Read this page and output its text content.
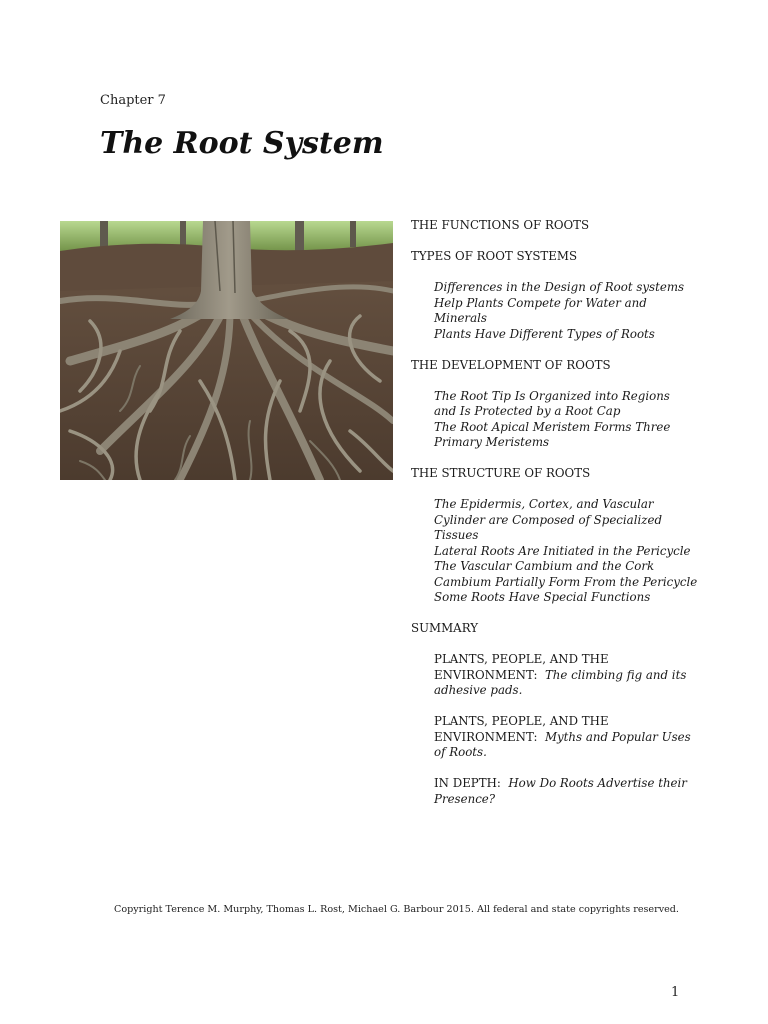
Chapter 7
The Root System
THE FUNCTIONS OF ROOTS
TYPES OF ROOT SYSTEMS
Differences in the Design of Root systems
Help Plants Compete for Water and
Minerals
Plants Have Different Types of Roots
THE DEVELOPMENT OF ROOTS
The Root Tip Is Organized into Regions
and Is Protected by a Root Cap
The Root Apical Meristem Forms Three
Primary Meristems
THE STRUCTURE OF ROOTS
The Epidermis, Cortex, and Vascular
Cylinder are Composed of Specialized
Tissues
Lateral Roots Are Initiated in the Pericycle
The Vascular Cambium and the Cork
Cambium Partially Form From the Pericycle
Some Roots Have Special Functions
SUMMARY
PLANTS, PEOPLE, AND THE
ENVIRONMENT: The climbing fig and its
adhesive pads.
PLANTS, PEOPLE, AND THE
ENVIRONMENT: Myths and Popular Uses
of Roots.
IN DEPTH: How Do Roots Advertise their
Presence?
Copyright Terence M. Murphy, Thomas L. Rost, Michael G. Barbour 2015. All federal and state copyrights reserved.
1
